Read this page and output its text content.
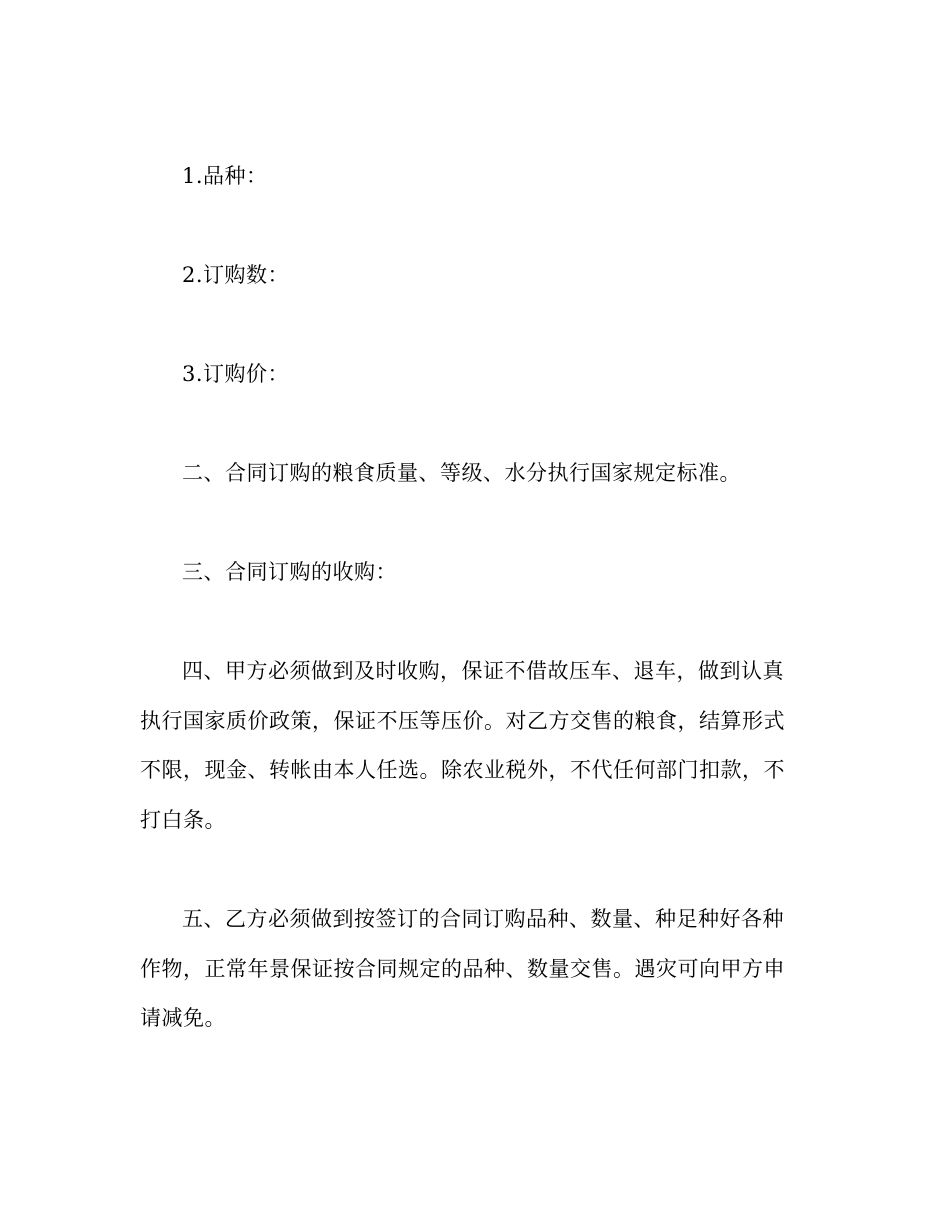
1.品种：

2.订购数：

3.订购价：

二、合同订购的粮食质量、等级、水分执行国家规定标准。

三、合同订购的收购：

四、甲方必须做到及时收购，保证不借故压车、退车，做到认真执行国家质价政策，保证不压等压价。对乙方交售的粮食，结算形式不限，现金、转帐由本人任选。除农业税外，不代任何部门扣款，不打白条。

五、乙方必须做到按签订的合同订购品种、数量、种足种好各种作物，正常年景保证按合同规定的品种、数量交售。遇灾可向甲方申请减免。
